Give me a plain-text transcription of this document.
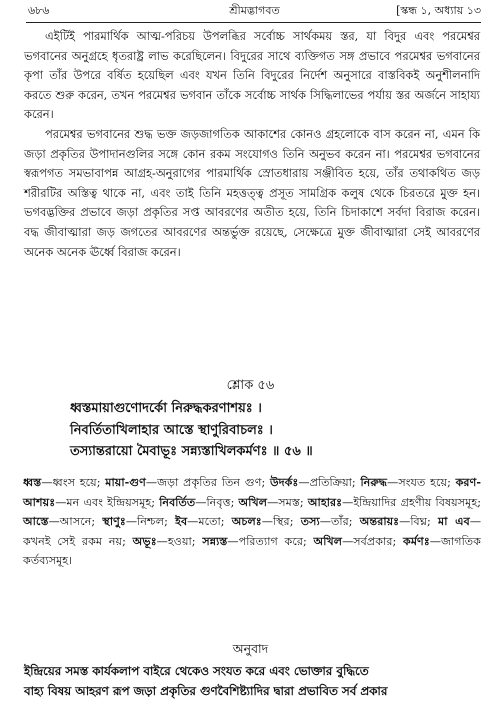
৬৮৬	শ্রীমদ্ভাগবত	[স্কন্ধ ১, অধ্যায় ১৩

এইটিই পারমার্থিক আত্ম-পরিচয় উপলব্ধির সর্বোচ্চ সার্থকময় স্তর, যা বিদুর এবং পরমেশ্বর ভগবানের অনুগ্রহে ধৃতরাষ্ট্র লাভ করেছিলেন। বিদুরের সাথে ব্যক্তিগত সঙ্গ প্রভাবে পরমেশ্বর ভগবানের কৃপা তাঁর উপরে বর্ষিত হয়েছিল এবং যখন তিনি বিদুরের নির্দেশ অনুসারে বাস্তবিকই অনুশীলনাদি করতে শুরু করেন, তখন পরমেশ্বর ভগবান তাঁকে সর্বোচ্চ সার্থক সিদ্ধিলাভের পর্যায় স্তর অর্জনে সাহায্য করেন।

পরমেশ্বর ভগবানের শুদ্ধ ভক্ত জড়জাগতিক আকাশের কোনও গ্রহলোকে বাস করেন না, এমন কি জড়া প্রকৃতির উপাদানগুলির সঙ্গে কোন রকম সংযোগও তিনি অনুভব করেন না। পরমেশ্বর ভগবানের স্বরূপগত সমভাবাপন্ন আগ্রহ-অনুরাগের পারমার্থিক স্রোতধারায় সঞ্জীবিত হয়ে, তাঁর তথাকথিত জড় শরীরটির অস্তিত্ব থাকে না, এবং তাই তিনি মহত্তত্ত্ব প্রসূত সামগ্রিক কলুষ থেকে চিরতরে মুক্ত হন। ভগবদ্ভক্তির প্রভাবে জড়া প্রকৃতির সপ্ত আবরণের অতীত হয়ে, তিনি চিদাকাশে সর্বদা বিরাজ করেন। বদ্ধ জীবাত্মারা জড় জগতের আবরণের অন্তর্ভুক্ত রয়েছে, সেক্ষেত্রে মুক্ত জীবাত্মারা সেই আবরণের অনেক অনেক ঊর্ধ্বে বিরাজ করেন।

শ্লোক ৫৬
ধ্বস্তমায়াগুণোদর্কো নিরুদ্ধকরণাশয়ঃ ।
নিবর্তিতাখিলাহার আস্তে স্থাণুরিবাচলঃ ।
তস্যান্তরায়ো মৈবাভূঃ সন্ন্যস্তাখিলকর্মণঃ ॥ ৫৬ ॥
ধ্বস্ত—ধ্বংস হয়ে; মায়া-গুণ—জড়া প্রকৃতির তিন গুণ; উদর্কঃ—প্রতিক্রিয়া; নিরুদ্ধ—সংযত হয়ে; করণ-আশয়ঃ—মন এবং ইন্দ্রিয়সমূহ; নিবর্তিত—নিবৃত্ত; অখিল—সমস্ত; আহারঃ—ইন্দ্রিয়াদির গ্রহণীয় বিষয়সমূহ; আস্তে—আসনে; স্থাণুঃ—নিশ্চল; ইব—মতো; অচলঃ—স্থির; তস্য—তাঁর; অন্তরায়ঃ—বিঘ্ন; মা এব—কখনই সেই রকম নয়; অভূঃ—হওয়া; সন্ন্যস্ত—পরিত্যাগ করে; অখিল—সর্বপ্রকার; কর্মণঃ—জাগতিক কর্তব্যসমূহ।
অনুবাদ
ইন্দ্রিয়ের সমস্ত কার্যকলাপ বাইরে থেকেও সংযত করে এবং ভোক্তার বুদ্ধিতে
বাহ্য বিষয় আহরণ রূপ জড়া প্রকৃতির গুণবৈশিষ্ট্যাদির দ্বারা প্রভাবিত সর্ব প্রকার
